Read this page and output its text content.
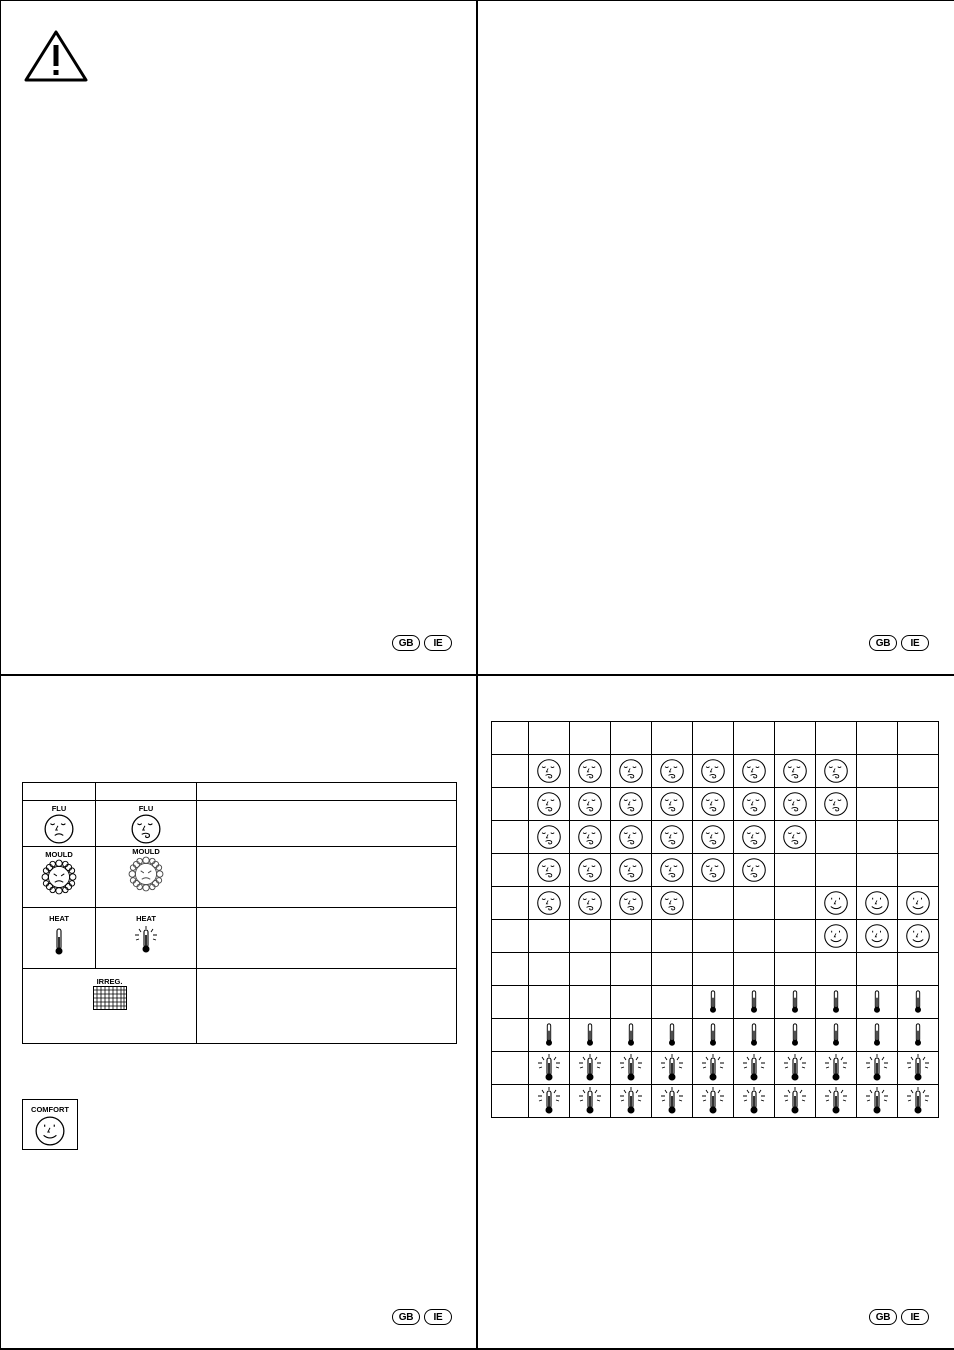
GB	IE	GB	IE
GB	IE	GB	IE

FLU	FLU	

MOULD	MOULD	

HEAT	HEAT	

IRREG.		

COMFORT
